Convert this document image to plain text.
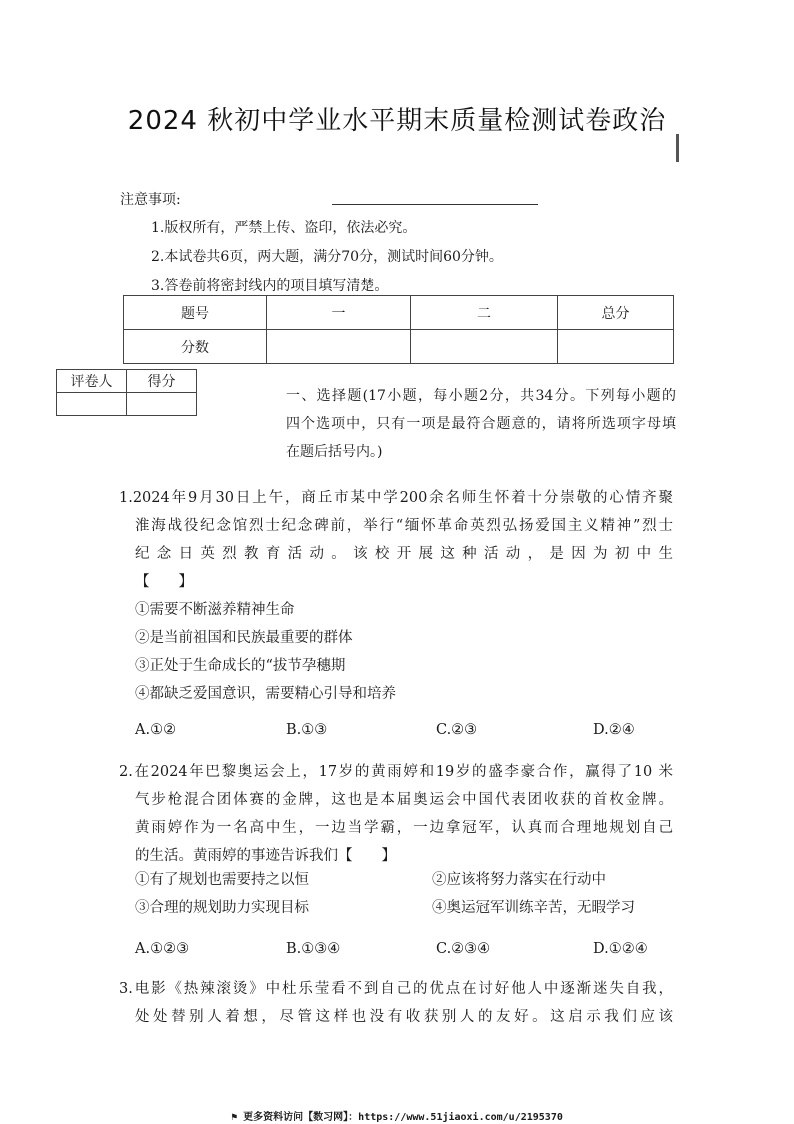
2024 秋初中学业水平期末质量检测试卷政治
注意事项:
1.版权所有，严禁上传、盗印，依法必究。
2.本试卷共6页，两大题，满分70分，测试时间60分钟。
3.答卷前将密封线内的项目填写清楚。
题号	一	二	总分
分数			
评卷人	得分

一、选择题(17小题，每小题2分，共34分。下列每小题的
四个选项中，只有一项是最符合题意的，请将所选项字母填
在题后括号内。)
1.2024年9月30日上午，商丘市某中学200余名师生怀着十分崇敬的心情齐聚
淮海战役纪念馆烈士纪念碑前，举行“缅怀革命英烈弘扬爱国主义精神”烈士
纪念日英烈教育活动。该校开展这种活动，是因为初中生
【　　】
①需要不断滋养精神生命
②是当前祖国和民族最重要的群体
③正处于生命成长的“拔节孕穗期
④都缺乏爱国意识，需要精心引导和培养
A.①②	B.①③	C.②③	D.②④
2.在2024年巴黎奥运会上，17岁的黄雨婷和19岁的盛李豪合作，赢得了10 米
气步枪混合团体赛的金牌，这也是本届奥运会中国代表团收获的首枚金牌。
黄雨婷作为一名高中生，一边当学霸，一边拿冠军，认真而合理地规划自己
的生活。黄雨婷的事迹告诉我们【　　】
①有了规划也需要持之以恒	②应该将努力落实在行动中
③合理的规划助力实现目标	④奥运冠军训练辛苦，无暇学习
A.①②③	B.①③④	C.②③④	D.①②④
3.电影《热辣滚烫》中杜乐莹看不到自己的优点在讨好他人中逐渐迷失自我，
处处替别人着想，尽管这样也没有收获别人的友好。这启示我们应该
⚑ 更多资料访问【数习网】：https://www.51jiaoxi.com/u/2195370
